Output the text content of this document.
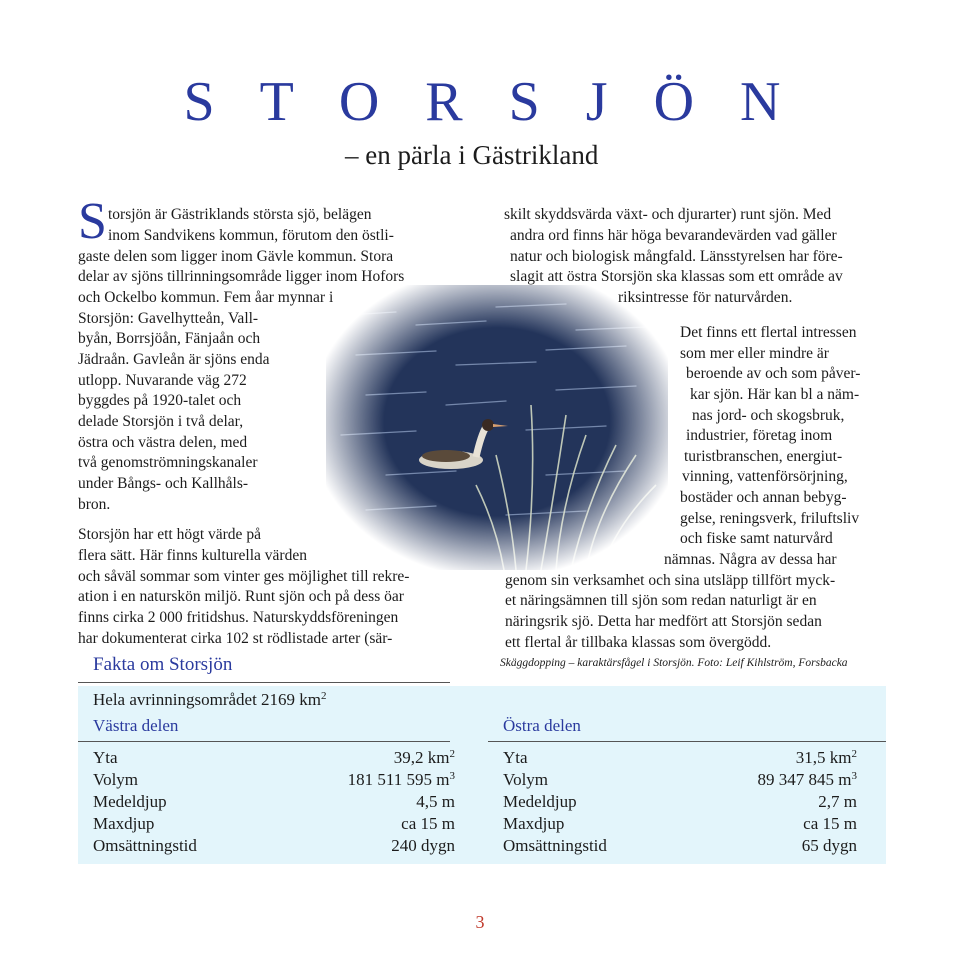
S T O R S J Ö N
– en pärla i Gästrikland
S torsjön är Gästriklands största sjö, belägen
inom Sandvikens kommun, förutom den östli-
gaste delen som ligger inom Gävle kommun. Stora
delar av sjöns tillrinningsområde ligger inom Hofors
och Ockelbo kommun. Fem åar mynnar i
Storsjön: Gavelhytteån, Vall-
byån, Borrsjöån, Fänjaån och
Jädraån. Gavleån är sjöns enda
utlopp. Nuvarande väg 272
byggdes på 1920-talet och
delade Storsjön i två delar,
östra och västra delen, med
två genomströmningskanaler
under Bångs- och Kallhåls-
bron.
Storsjön har ett högt värde på
flera sätt. Här finns kulturella värden
och såväl sommar som vinter ges möjlighet till rekre-
ation i en naturskön miljö. Runt sjön och på dess öar
finns cirka 2 000 fritidshus. Naturskyddsföreningen
har dokumenterat cirka 102 st rödlistade arter (sär-
skilt skyddsvärda växt- och djurarter) runt sjön. Med
andra ord finns här höga bevarandevärden vad gäller
natur och biologisk mångfald. Länsstyrelsen har före-
slagit att östra Storsjön ska klassas som ett område av
riksintresse för naturvården.
Det finns ett flertal intressen
som mer eller mindre är
beroende av och som påver-
kar sjön. Här kan bl a näm-
nas jord- och skogsbruk,
industrier, företag inom
turistbranschen, energiut-
vinning, vattenförsörjning,
bostäder och annan bebyg-
gelse, reningsverk, friluftsliv
och fiske samt naturvård
nämnas. Några av dessa har
genom sin verksamhet och sina utsläpp tillfört myck-
et näringsämnen till sjön som redan naturligt är en
näringsrik sjö. Detta har medfört att Storsjön sedan
ett flertal år tillbaka klassas som övergödd.
Skäggdopping – karaktärsfågel i Storsjön. Foto: Leif Kihlström, Forsbacka
Fakta om Storsjön
Hela avrinningsområdet 2169 $km^2$
Västra delen	Östra delen
Yta	39,2 $km^2$
Volym	181 511 595 $m^3$
Medeldjup	4,5 m
Maxdjup	ca 15 m
Omsättningstid	240 dygn
Yta	31,5 $km^2$
Volym	89 347 845 $m^3$
Medeldjup	2,7 m
Maxdjup	ca 15 m
Omsättningstid	65 dygn
3
